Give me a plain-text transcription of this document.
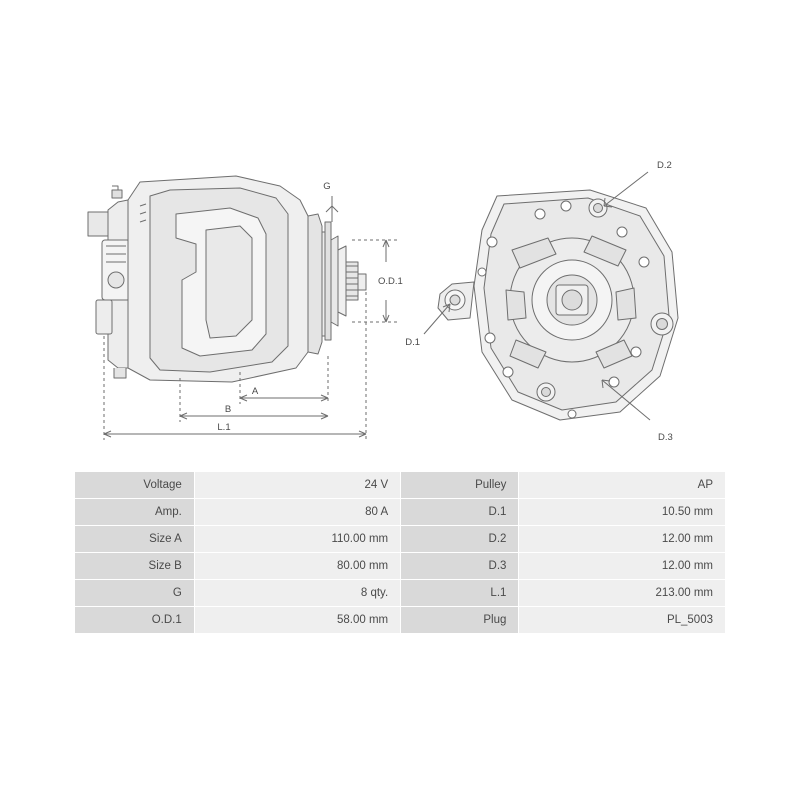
G
O.D.1
A
B
L.1
D.2
D.1
D.3
Voltage	24 V	Pulley	AP
Amp.	80 A	D.1	10.50 mm
Size A	110.00 mm	D.2	12.00 mm
Size B	80.00 mm	D.3	12.00 mm
G	8 qty.	L.1	213.00 mm
O.D.1	58.00 mm	Plug	PL_5003
